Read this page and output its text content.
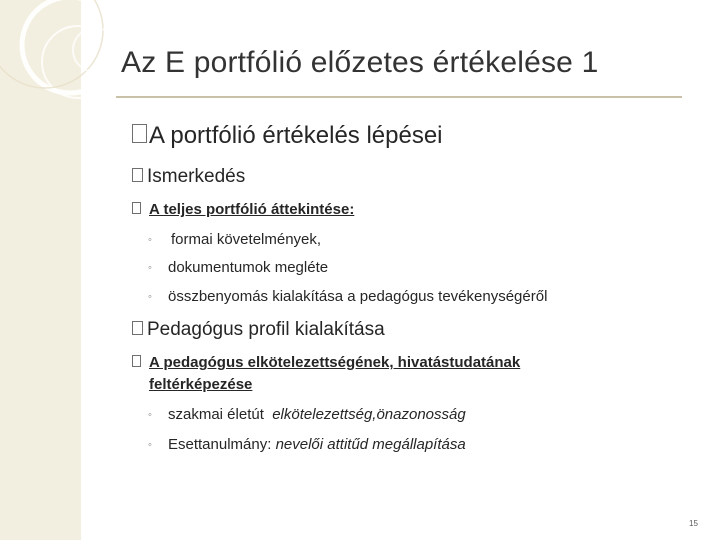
Az E portfólió előzetes értékelése 1
A portfólió értékelés lépései
Ismerkedés
A teljes portfólió áttekintése:
◦ formai követelmények,
◦ dokumentumok megléte
◦ összbenyomás kialakítása a pedagógus tevékenységéről
Pedagógus profil kialakítása
A pedagógus elkötelezettségének, hivatástudatának
feltérképezése
◦ szakmai életút elkötelezettség,önazonosság
◦ Esettanulmány: nevelői attitűd megállapítása
15
